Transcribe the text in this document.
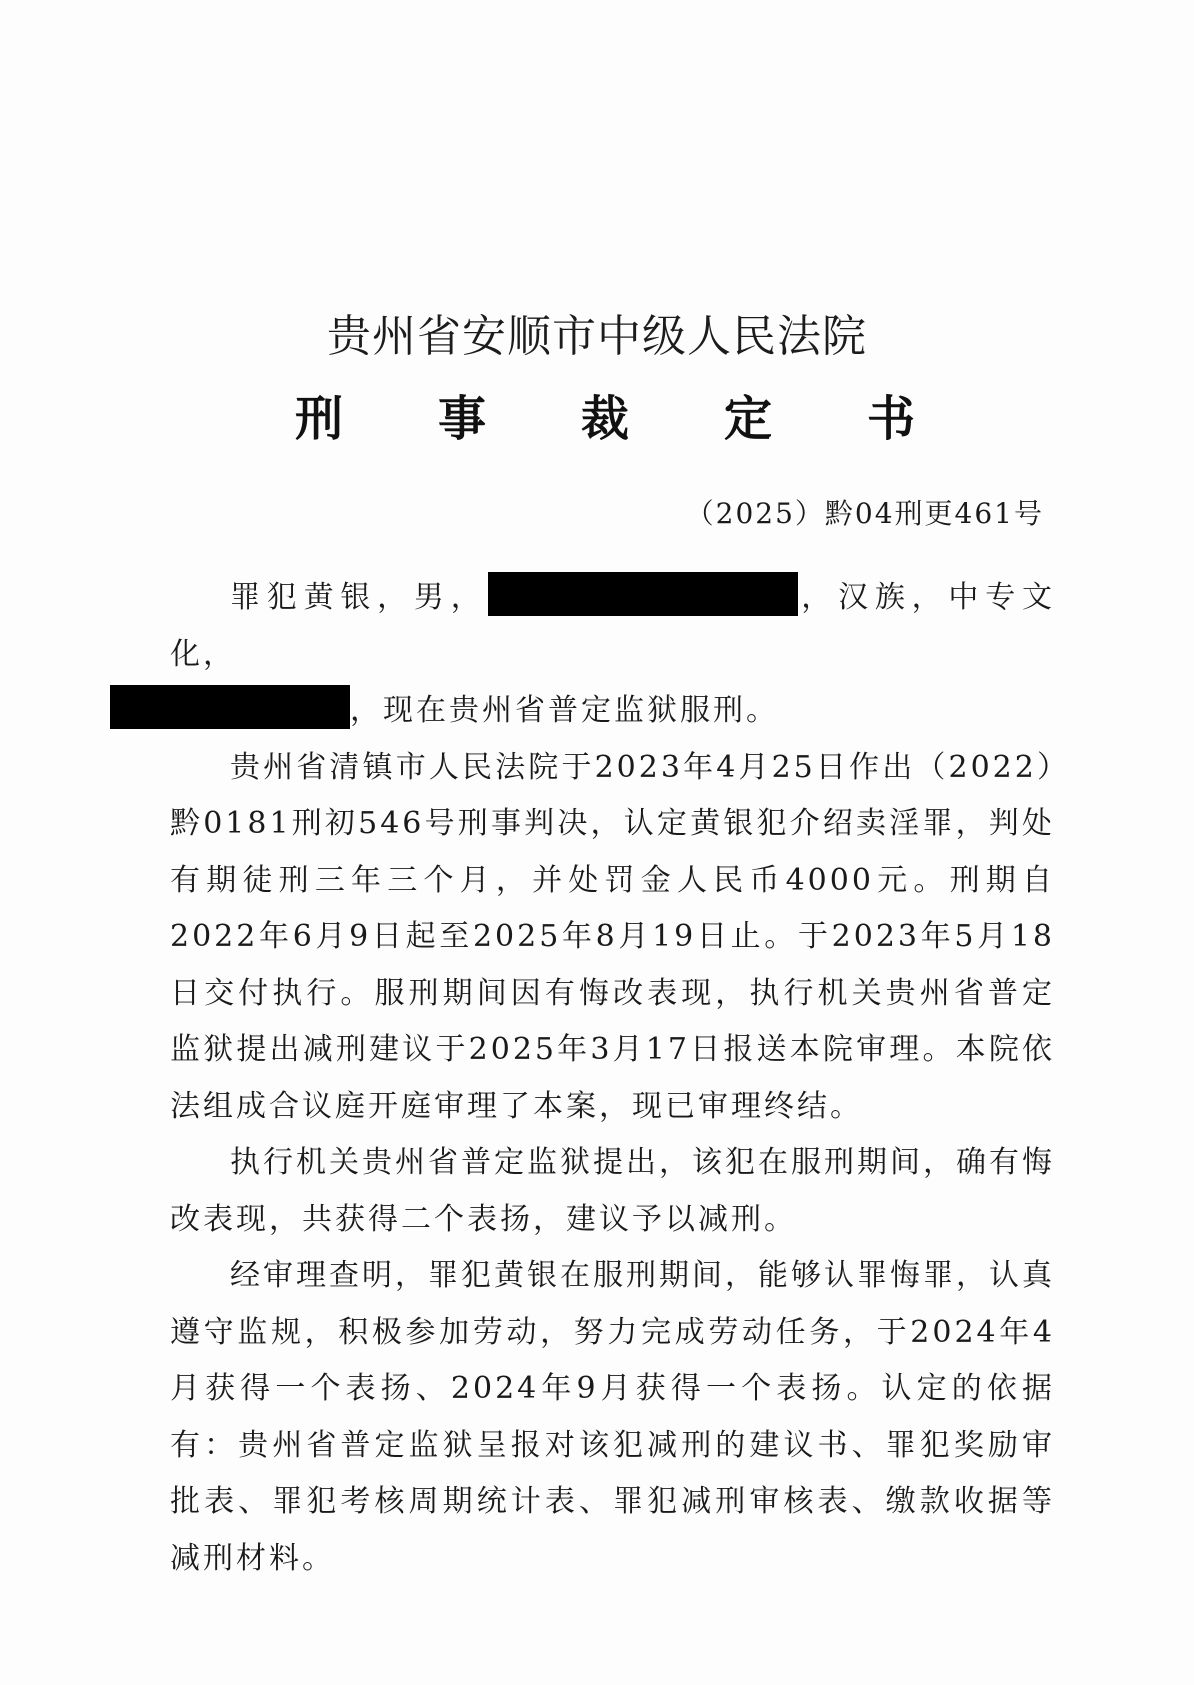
贵州省安顺市中级人民法院
刑 事 裁 定 书
（2025）黔04刑更461号

罪犯黄银，男，	，汉族，中专文化，
，现在贵州省普定监狱服刑。

贵州省清镇市人民法院于2023年4月25日作出（2022）黔0181刑初546号刑事判决，认定黄银犯介绍卖淫罪，判处有期徒刑三年三个月，并处罚金人民币4000元。刑期自2022年6月9日起至2025年8月19日止。于2023年5月18日交付执行。服刑期间因有悔改表现，执行机关贵州省普定监狱提出减刑建议于2025年3月17日报送本院审理。本院依法组成合议庭开庭审理了本案，现已审理终结。

执行机关贵州省普定监狱提出，该犯在服刑期间，确有悔改表现，共获得二个表扬，建议予以减刑。

经审理查明，罪犯黄银在服刑期间，能够认罪悔罪，认真遵守监规，积极参加劳动，努力完成劳动任务，于2024年4月获得一个表扬、2024年9月获得一个表扬。认定的依据有：贵州省普定监狱呈报对该犯减刑的建议书、罪犯奖励审批表、罪犯考核周期统计表、罪犯减刑审核表、缴款收据等减刑材料。
